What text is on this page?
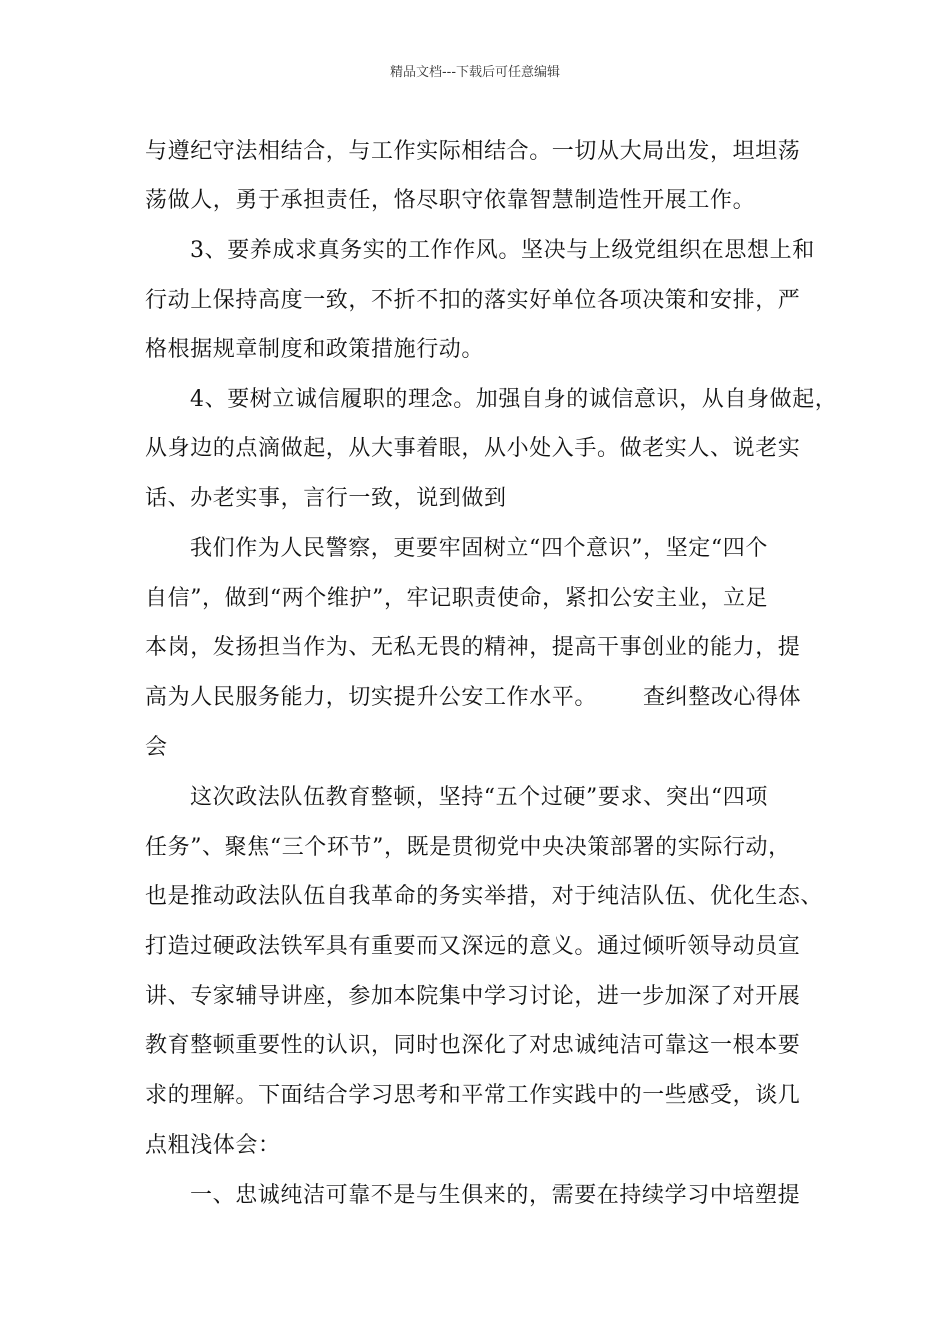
精品文档---下载后可任意编辑
与遵纪守法相结合，与工作实际相结合。一切从大局出发，坦坦荡
荡做人，勇于承担责任，恪尽职守依靠智慧制造性开展工作。
3、要养成求真务实的工作作风。坚决与上级党组织在思想上和
行动上保持高度一致，不折不扣的落实好单位各项决策和安排，严
格根据规章制度和政策措施行动。
4、要树立诚信履职的理念。加强自身的诚信意识，从自身做起，
从身边的点滴做起，从大事着眼，从小处入手。做老实人、说老实
话、办老实事，言行一致，说到做到
我们作为人民警察，更要牢固树立“四个意识”，坚定“四个
自信”，做到“两个维护”，牢记职责使命，紧扣公安主业，立足
本岗，发扬担当作为、无私无畏的精神，提高干事创业的能力，提
高为人民服务能力，切实提升公安工作水平。 查纠整改心得体
会
这次政法队伍教育整顿，坚持“五个过硬”要求、突出“四项
任务”、聚焦“三个环节”，既是贯彻党中央决策部署的实际行动，
也是推动政法队伍自我革命的务实举措，对于纯洁队伍、优化生态、
打造过硬政法铁军具有重要而又深远的意义。通过倾听领导动员宣
讲、专家辅导讲座，参加本院集中学习讨论，进一步加深了对开展
教育整顿重要性的认识，同时也深化了对忠诚纯洁可靠这一根本要
求的理解。下面结合学习思考和平常工作实践中的一些感受，谈几
点粗浅体会：
一、忠诚纯洁可靠不是与生俱来的，需要在持续学习中培塑提
